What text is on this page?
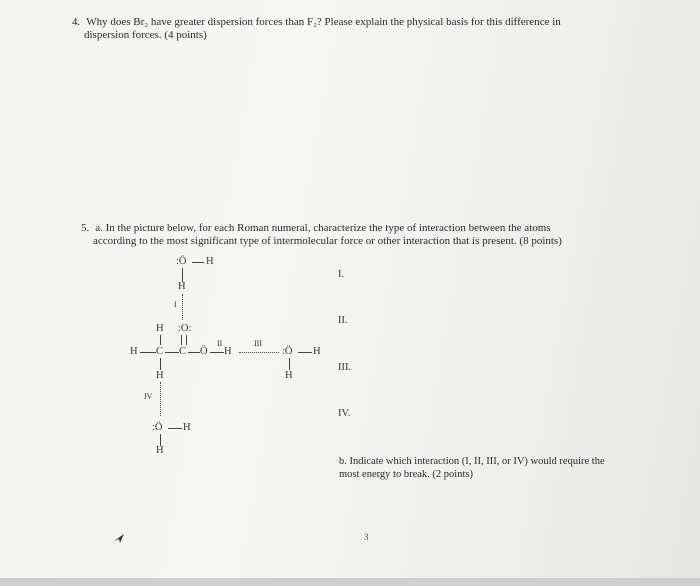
4. Why does Br₂ have greater dispersion forces than F₂? Please explain the physical basis for this difference in
dispersion forces. (4 points)
5. a. In the picture below, for each Roman numeral, characterize the type of interaction between the atoms
according to the most significant type of intermolecular force or other interaction that is present. (8 points)
:Ö H
H
I
H :O:
H C C Ö
II
H
III
:Ö H
H
H
IV
:Ö H
H
I.
II.
III.
IV.
b. Indicate which interaction (I, II, III, or IV) would require the
most energy to break. (2 points)
3
